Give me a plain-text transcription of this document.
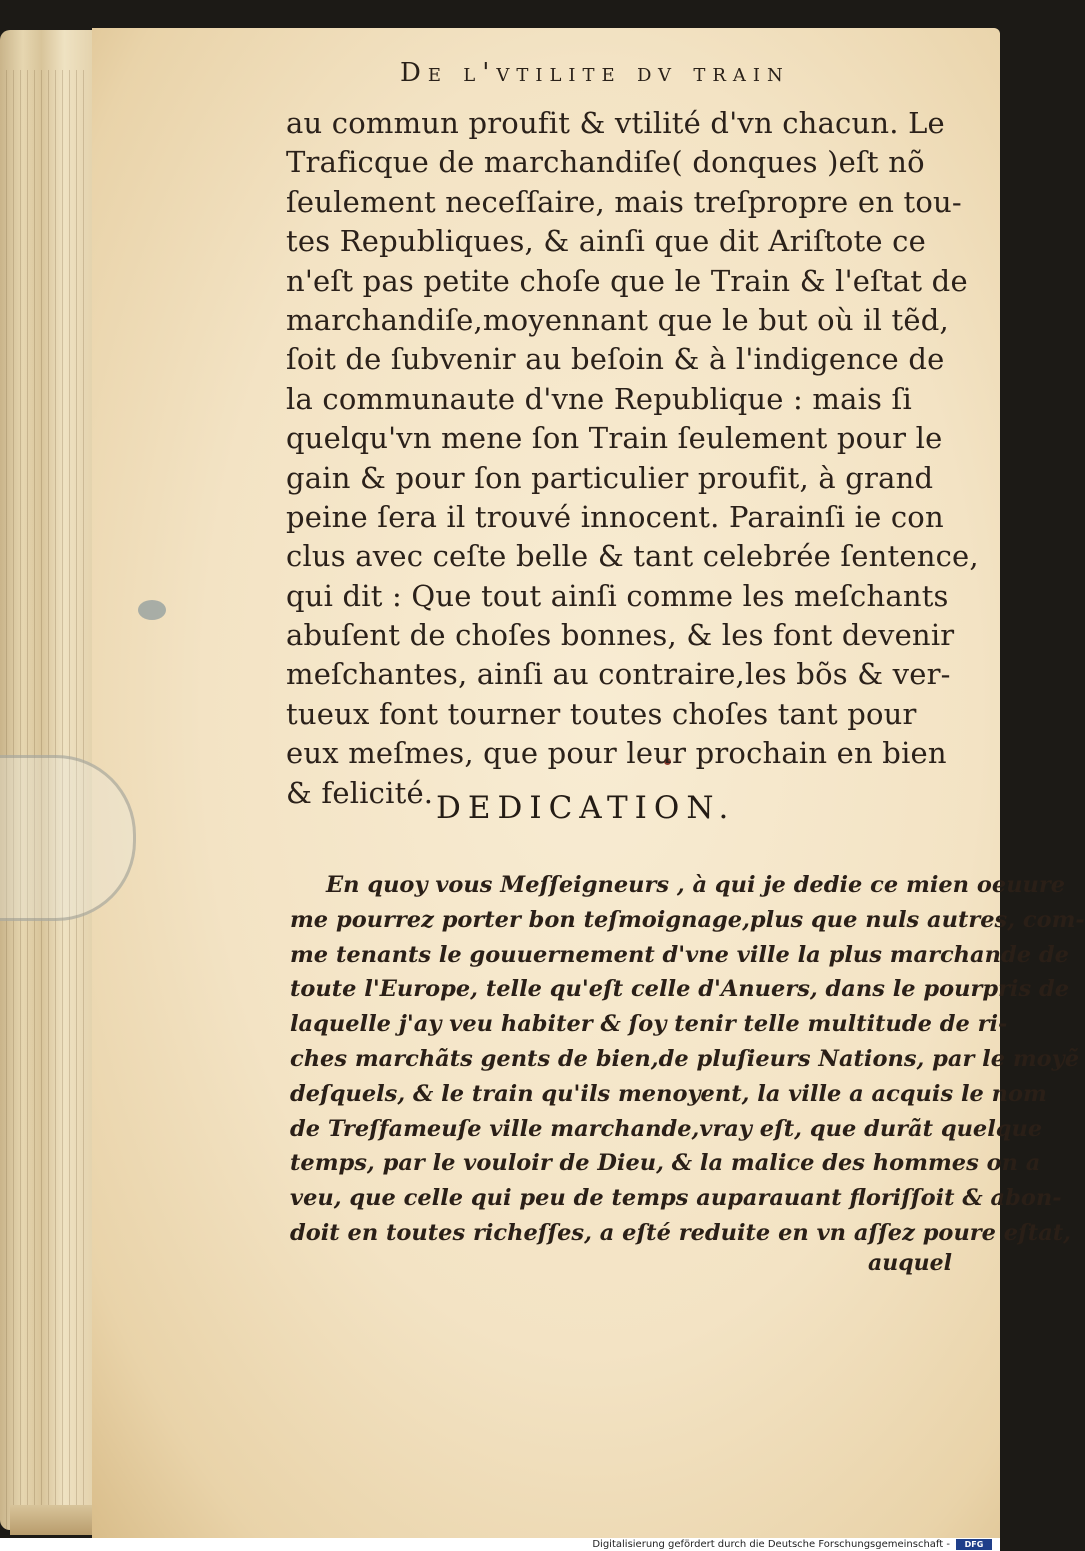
De l'vtilite dv train
au commun proufit & vtilité d'vn chacun. Le
Traficque de marchandiſe( donques )eſt nõ
ſeulement neceſſaire, mais treſpropre en tou-
tes Republiques, & ainſi que dit Ariſtote ce
n'eſt pas petite choſe que le Train & l'eſtat de
marchandiſe,moyennant que le but où il tẽd,
ſoit de ſubvenir au beſoin & à l'indigence de
la communaute d'vne Republique : mais ſi
quelqu'vn mene ſon Train ſeulement pour le
gain & pour ſon particulier proufit, à grand
peine ſera il trouvé innocent. Parainſi ie con
clus avec ceſte belle & tant celebrée ſentence,
qui dit : Que tout ainſi comme les meſchants
abuſent de choſes bonnes, & les font devenir
meſchantes, ainſi au contraire,les bõs & ver-
tueux font tourner toutes choſes tant pour
eux meſmes, que pour leur prochain en bien
& felicité. DEDICATION.
En quoy vous Meſſeigneurs , à qui je dedie ce mien oeuure
me pourrez porter bon teſmoignage,plus que nuls autres, com-
me tenants le gouuernement d'vne ville la plus marchande de
toute l'Europe, telle qu'eſt celle d'Anuers, dans le pourpris de
laquelle j'ay veu habiter & ſoy tenir telle multitude de ri-
ches marchãts gents de bien,de pluſieurs Nations, par le moyẽ
deſquels, & le train qu'ils menoyent, la ville a acquis le nom
de Treſfameuſe ville marchande,vray eſt, que durãt quelque
temps, par le vouloir de Dieu, & la malice des hommes on a
veu, que celle qui peu de temps auparauant floriſſoit & abon-
doit en toutes richeſſes, a eſté reduite en vn aſſez poure eſtat,
auquel
Digitalisierung gefördert durch die Deutsche Forschungsgemeinschaft -	DFG
